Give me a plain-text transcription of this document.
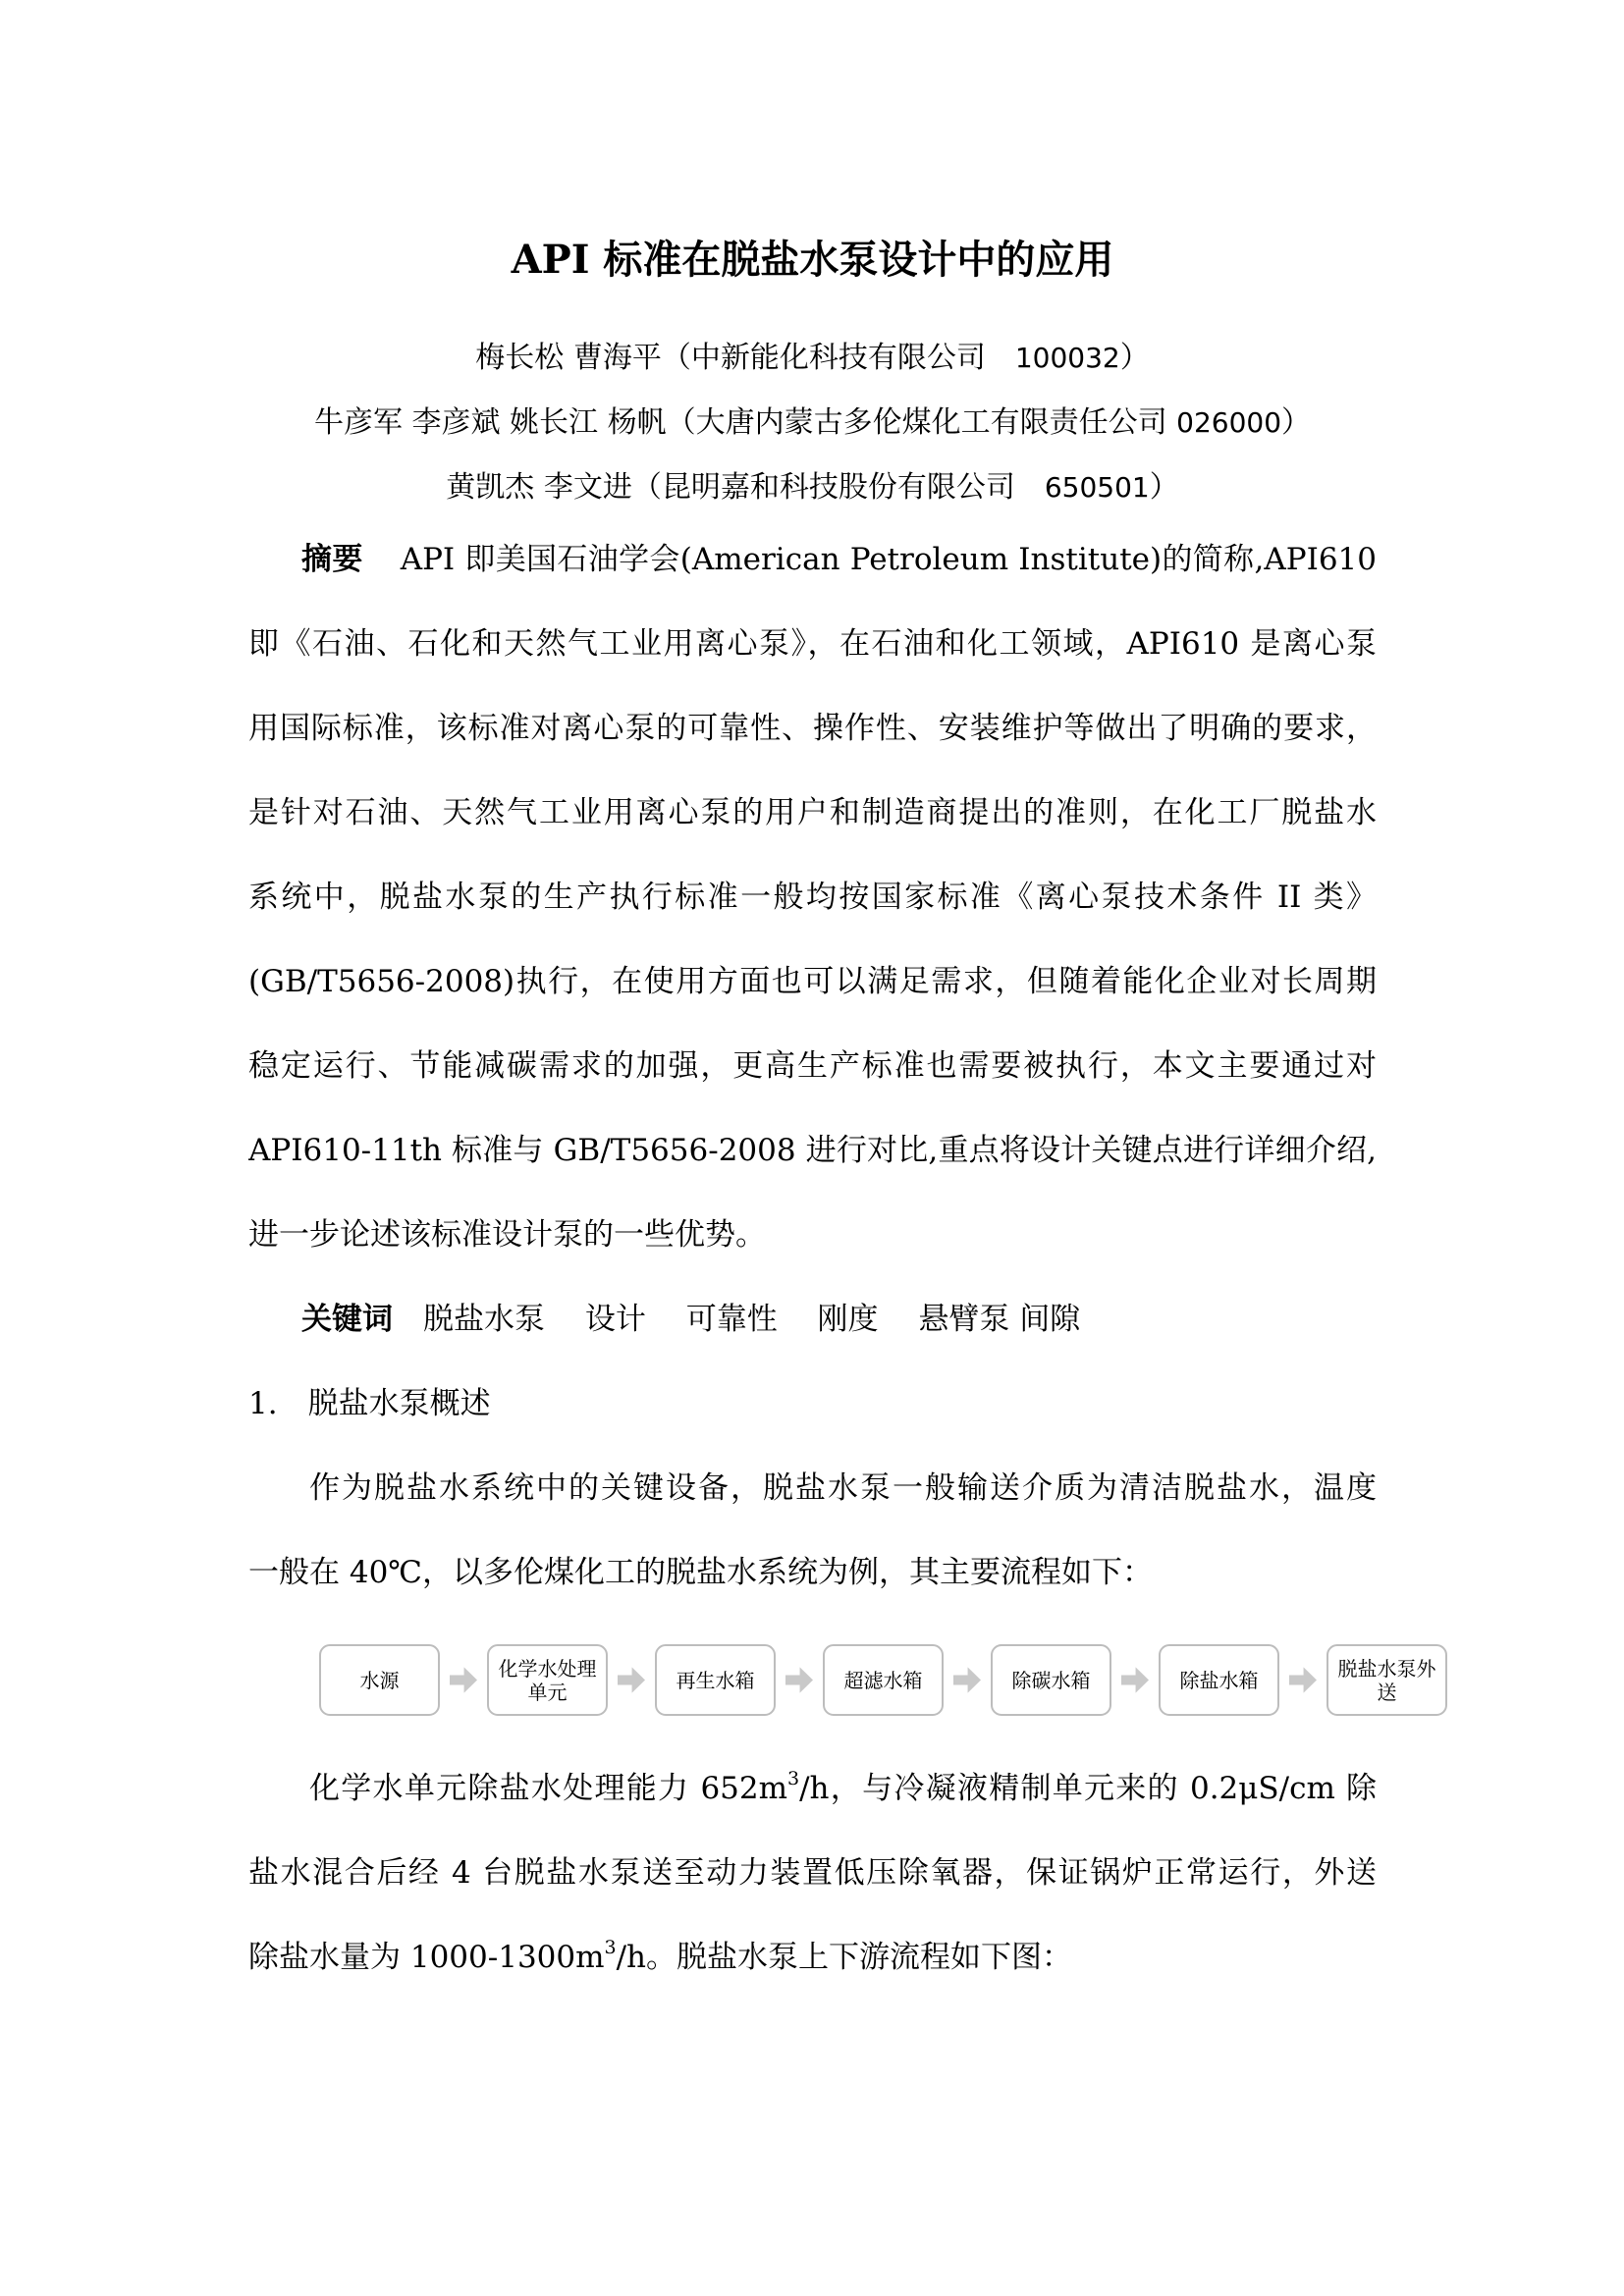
API 标准在脱盐水泵设计中的应用
梅长松 曹海平（中新能化科技有限公司　100032）
牛彦军 李彦斌 姚长江 杨帆（大唐内蒙古多伦煤化工有限责任公司 026000）
黄凯杰 李文进（昆明嘉和科技股份有限公司　650501）
摘要 API 即美国石油学会(American Petroleum Institute)的简称,API610
即《石油、石化和天然气工业用离心泵》，在石油和化工领域，API610 是离心泵
用国际标准，该标准对离心泵的可靠性、操作性、安装维护等做出了明确的要求，
是针对石油、天然气工业用离心泵的用户和制造商提出的准则，在化工厂脱盐水
系统中，脱盐水泵的生产执行标准一般均按国家标准《离心泵技术条件 II 类》
(GB/T5656-2008)执行，在使用方面也可以满足需求，但随着能化企业对长周期
稳定运行、节能减碳需求的加强，更高生产标准也需要被执行，本文主要通过对
API610-11th 标准与 GB/T5656-2008 进行对比,重点将设计关键点进行详细介绍,
进一步论述该标准设计泵的一些优势。
关键词 脱盐水泵　 设计　 可靠性　 刚度　 悬臂泵 间隙
1.　脱盐水泵概述
作为脱盐水系统中的关键设备，脱盐水泵一般输送介质为清洁脱盐水，温度
一般在 40℃，以多伦煤化工的脱盐水系统为例，其主要流程如下：
水源	化学水处理
单元	再生水箱	超滤水箱	除碳水箱	除盐水箱	脱盐水泵外
送
化学水单元除盐水处理能力 $652m^3/h$，与冷凝液精制单元来的 0.2μS/cm 除
盐水混合后经 4 台脱盐水泵送至动力装置低压除氧器，保证锅炉正常运行，外送
除盐水量为 $1000-1300m^3/h$。脱盐水泵上下游流程如下图：
